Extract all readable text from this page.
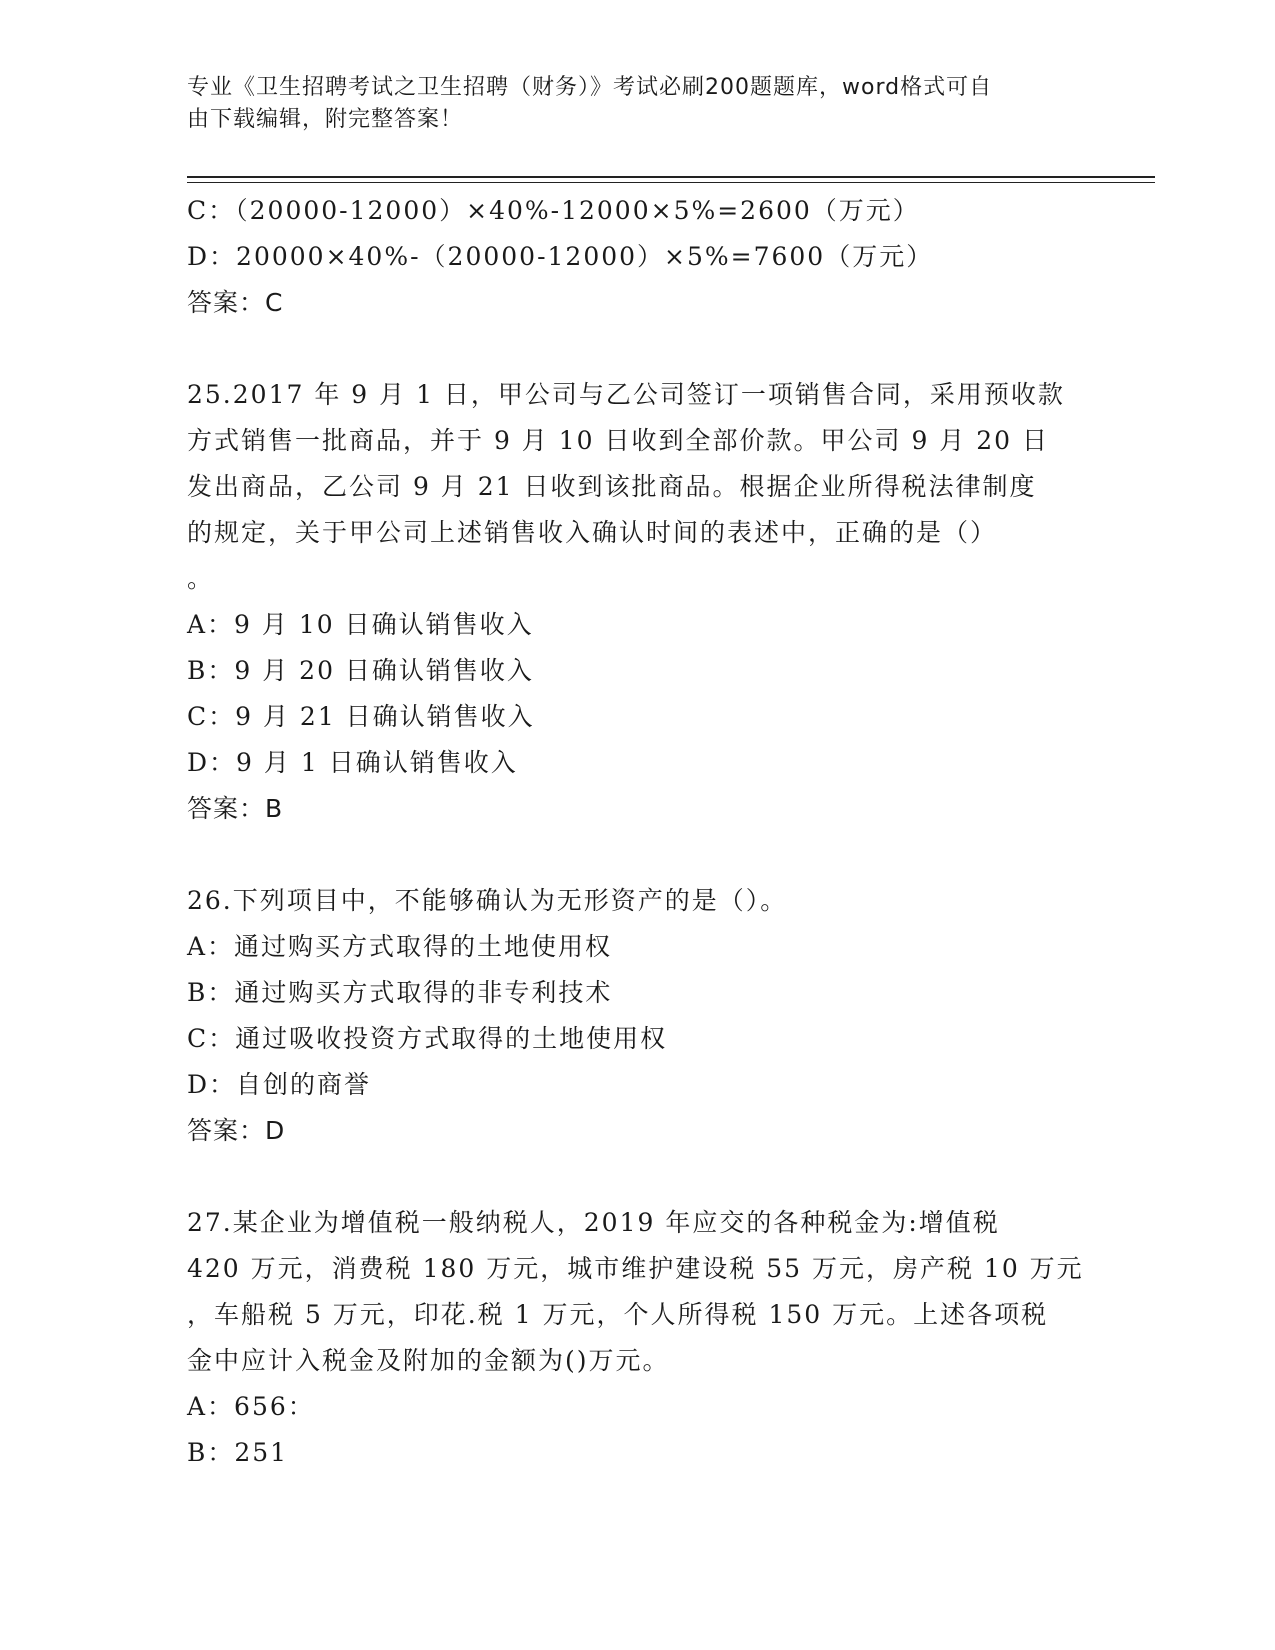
专业《卫生招聘考试之卫生招聘（财务）》考试必刷200题题库，word格式可自
由下载编辑，附完整答案！
C：（20000-12000）×40%-12000×5%=2600（万元）
D：20000×40%-（20000-12000）×5%=7600（万元）
答案：C
25.2017 年 9 月 1 日，甲公司与乙公司签订一项销售合同，采用预收款
方式销售一批商品，并于 9 月 10 日收到全部价款。甲公司 9 月 20 日
发出商品，乙公司 9 月 21 日收到该批商品。根据企业所得税法律制度
的规定，关于甲公司上述销售收入确认时间的表述中，正确的是（）
。
A：9 月 10 日确认销售收入
B：9 月 20 日确认销售收入
C：9 月 21 日确认销售收入
D：9 月 1 日确认销售收入
答案：B
26.下列项目中，不能够确认为无形资产的是（）。
A：通过购买方式取得的土地使用权
B：通过购买方式取得的非专利技术
C：通过吸收投资方式取得的土地使用权
D：自创的商誉
答案：D
27.某企业为增值税一般纳税人，2019 年应交的各种税金为:增值税
420 万元，消费税 180 万元，城市维护建设税 55 万元，房产税 10 万元
，车船税 5 万元，印花.税 1 万元，个人所得税 150 万元。上述各项税
金中应计入税金及附加的金额为()万元。
A：656：
B：251
